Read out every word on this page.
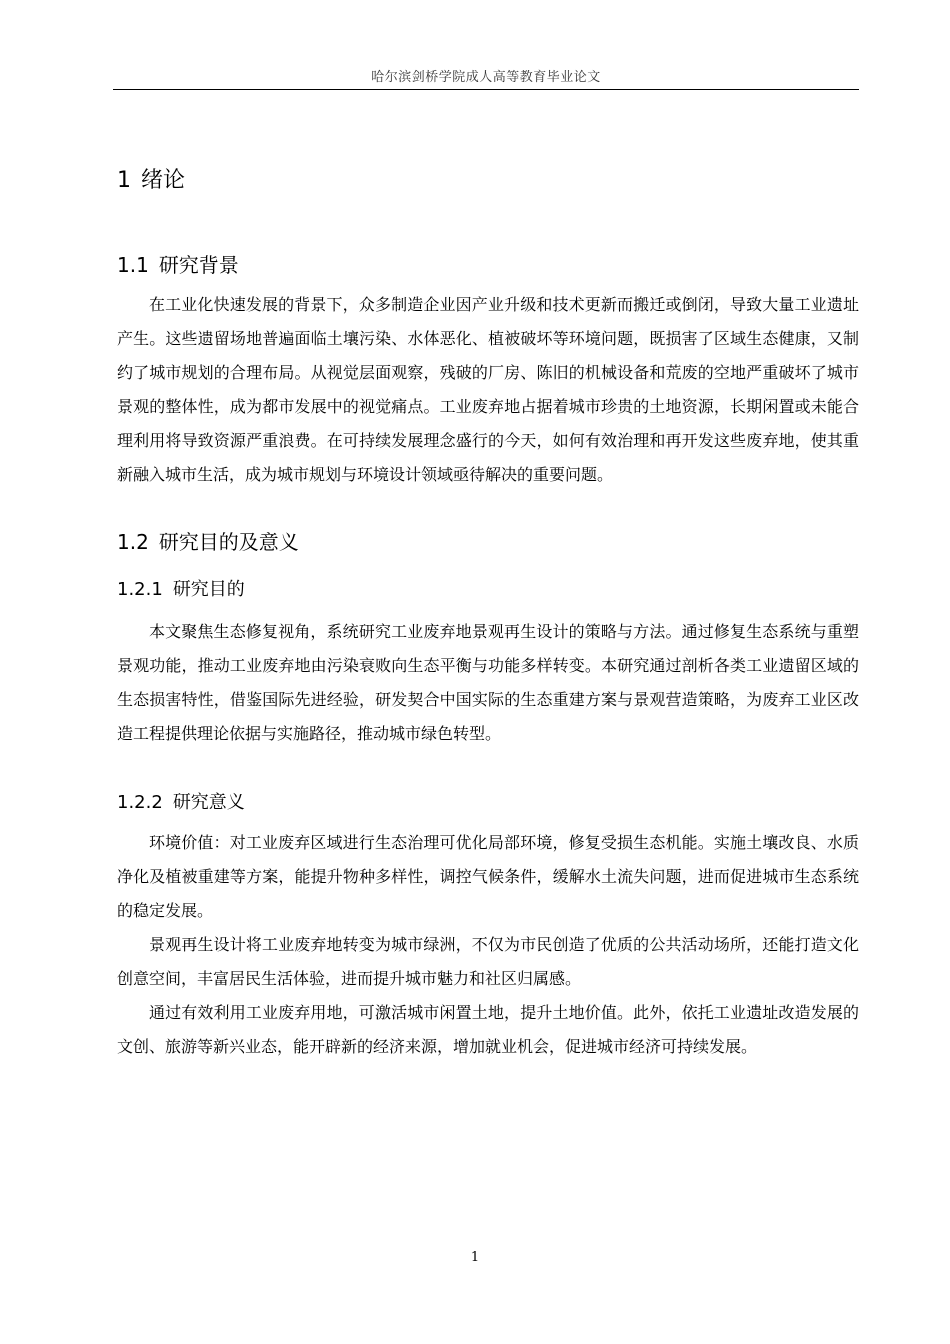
哈尔滨剑桥学院成人高等教育毕业论文
1 绪论
1.1 研究背景

在工业化快速发展的背景下，众多制造企业因产业升级和技术更新而搬迁或倒闭，导致大量工业遗址产生。这些遗留场地普遍面临土壤污染、水体恶化、植被破坏等环境问题，既损害了区域生态健康，又制约了城市规划的合理布局。从视觉层面观察，残破的厂房、陈旧的机械设备和荒废的空地严重破坏了城市景观的整体性，成为都市发展中的视觉痛点。工业废弃地占据着城市珍贵的土地资源，长期闲置或未能合理利用将导致资源严重浪费。在可持续发展理念盛行的今天，如何有效治理和再开发这些废弃地，使其重新融入城市生活，成为城市规划与环境设计领域亟待解决的重要问题。

1.2 研究目的及意义
1.2.1 研究目的

本文聚焦生态修复视角，系统研究工业废弃地景观再生设计的策略与方法。通过修复生态系统与重塑景观功能，推动工业废弃地由污染衰败向生态平衡与功能多样转变。本研究通过剖析各类工业遗留区域的生态损害特性，借鉴国际先进经验，研发契合中国实际的生态重建方案与景观营造策略，为废弃工业区改造工程提供理论依据与实施路径，推动城市绿色转型。

1.2.2 研究意义

环境价值：对工业废弃区域进行生态治理可优化局部环境，修复受损生态机能。实施土壤改良、水质净化及植被重建等方案，能提升物种多样性，调控气候条件，缓解水土流失问题，进而促进城市生态系统的稳定发展。

景观再生设计将工业废弃地转变为城市绿洲，不仅为市民创造了优质的公共活动场所，还能打造文化创意空间，丰富居民生活体验，进而提升城市魅力和社区归属感。

通过有效利用工业废弃用地，可激活城市闲置土地，提升土地价值。此外，依托工业遗址改造发展的文创、旅游等新兴业态，能开辟新的经济来源，增加就业机会，促进城市经济可持续发展。

1
